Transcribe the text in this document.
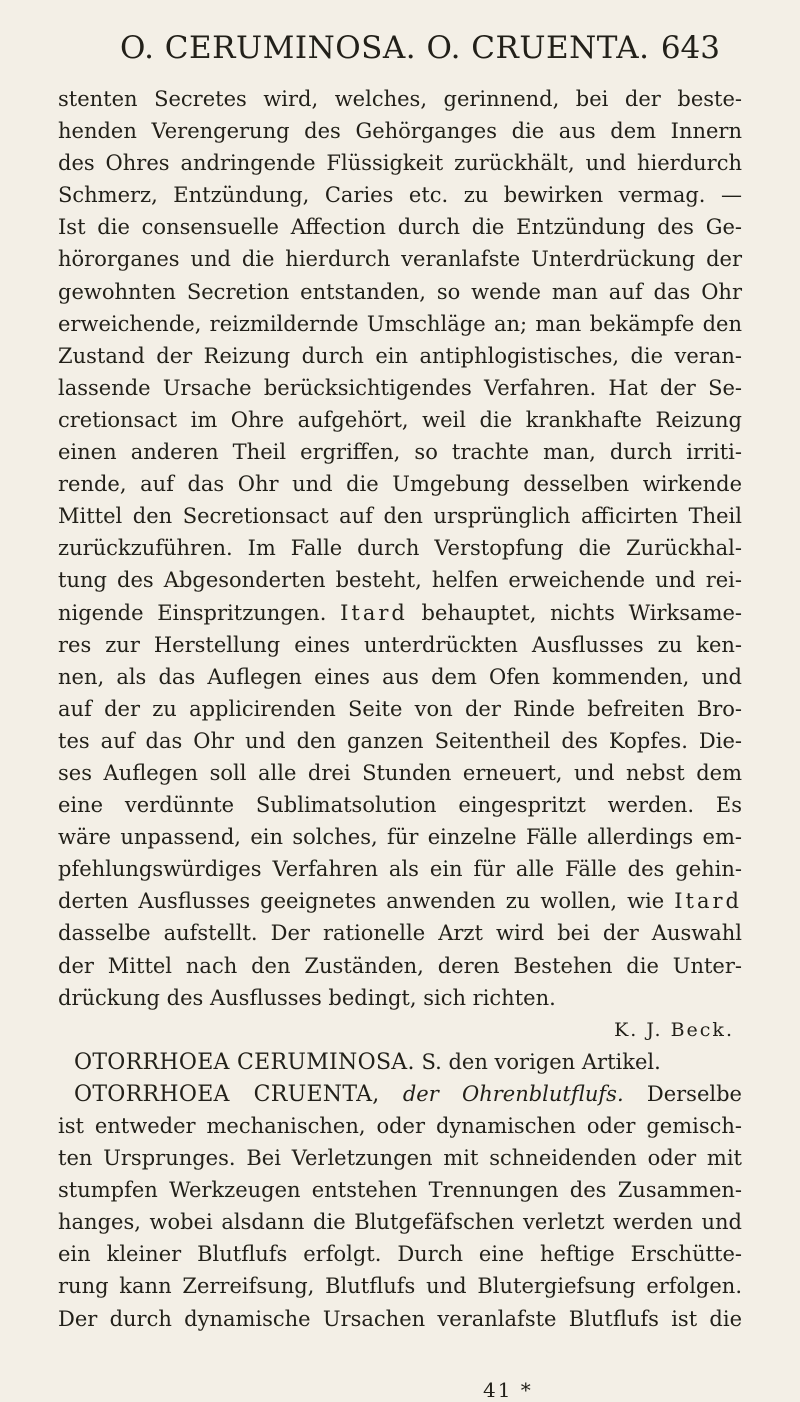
O. CERUMINOSA. O. CRUENTA. 643
stenten Secretes wird, welches, gerinnend, bei der beste-
henden Verengerung des Gehörganges die aus dem Innern
des Ohres andringende Flüssigkeit zurückhält, und hierdurch
Schmerz, Entzündung, Caries etc. zu bewirken vermag. —
Ist die consensuelle Affection durch die Entzündung des Ge-
hörorganes und die hierdurch veranlafste Unterdrückung der
gewohnten Secretion entstanden, so wende man auf das Ohr
erweichende, reizmildernde Umschläge an; man bekämpfe den
Zustand der Reizung durch ein antiphlogistisches, die veran-
lassende Ursache berücksichtigendes Verfahren. Hat der Se-
cretionsact im Ohre aufgehört, weil die krankhafte Reizung
einen anderen Theil ergriffen, so trachte man, durch irriti-
rende, auf das Ohr und die Umgebung desselben wirkende
Mittel den Secretionsact auf den ursprünglich afficirten Theil
zurückzuführen. Im Falle durch Verstopfung die Zurückhal-
tung des Abgesonderten besteht, helfen erweichende und rei-
nigende Einspritzungen. Itard behauptet, nichts Wirksame-
res zur Herstellung eines unterdrückten Ausflusses zu ken-
nen, als das Auflegen eines aus dem Ofen kommenden, und
auf der zu applicirenden Seite von der Rinde befreiten Bro-
tes auf das Ohr und den ganzen Seitentheil des Kopfes. Die-
ses Auflegen soll alle drei Stunden erneuert, und nebst dem
eine verdünnte Sublimatsolution eingespritzt werden. Es
wäre unpassend, ein solches, für einzelne Fälle allerdings em-
pfehlungswürdiges Verfahren als ein für alle Fälle des gehin-
derten Ausflusses geeignetes anwenden zu wollen, wie Itard
dasselbe aufstellt. Der rationelle Arzt wird bei der Auswahl
der Mittel nach den Zuständen, deren Bestehen die Unter-
drückung des Ausflusses bedingt, sich richten.
K. J. Beck.
OTORRHOEA CERUMINOSA. S. den vorigen Artikel.
OTORRHOEA CRUENTA, der Ohrenblutflufs. Derselbe
ist entweder mechanischen, oder dynamischen oder gemisch-
ten Ursprunges. Bei Verletzungen mit schneidenden oder mit
stumpfen Werkzeugen entstehen Trennungen des Zusammen-
hanges, wobei alsdann die Blutgefäfschen verletzt werden und
ein kleiner Blutflufs erfolgt. Durch eine heftige Erschütte-
rung kann Zerreifsung, Blutflufs und Blutergiefsung erfolgen.
Der durch dynamische Ursachen veranlafste Blutflufs ist die
41 *
